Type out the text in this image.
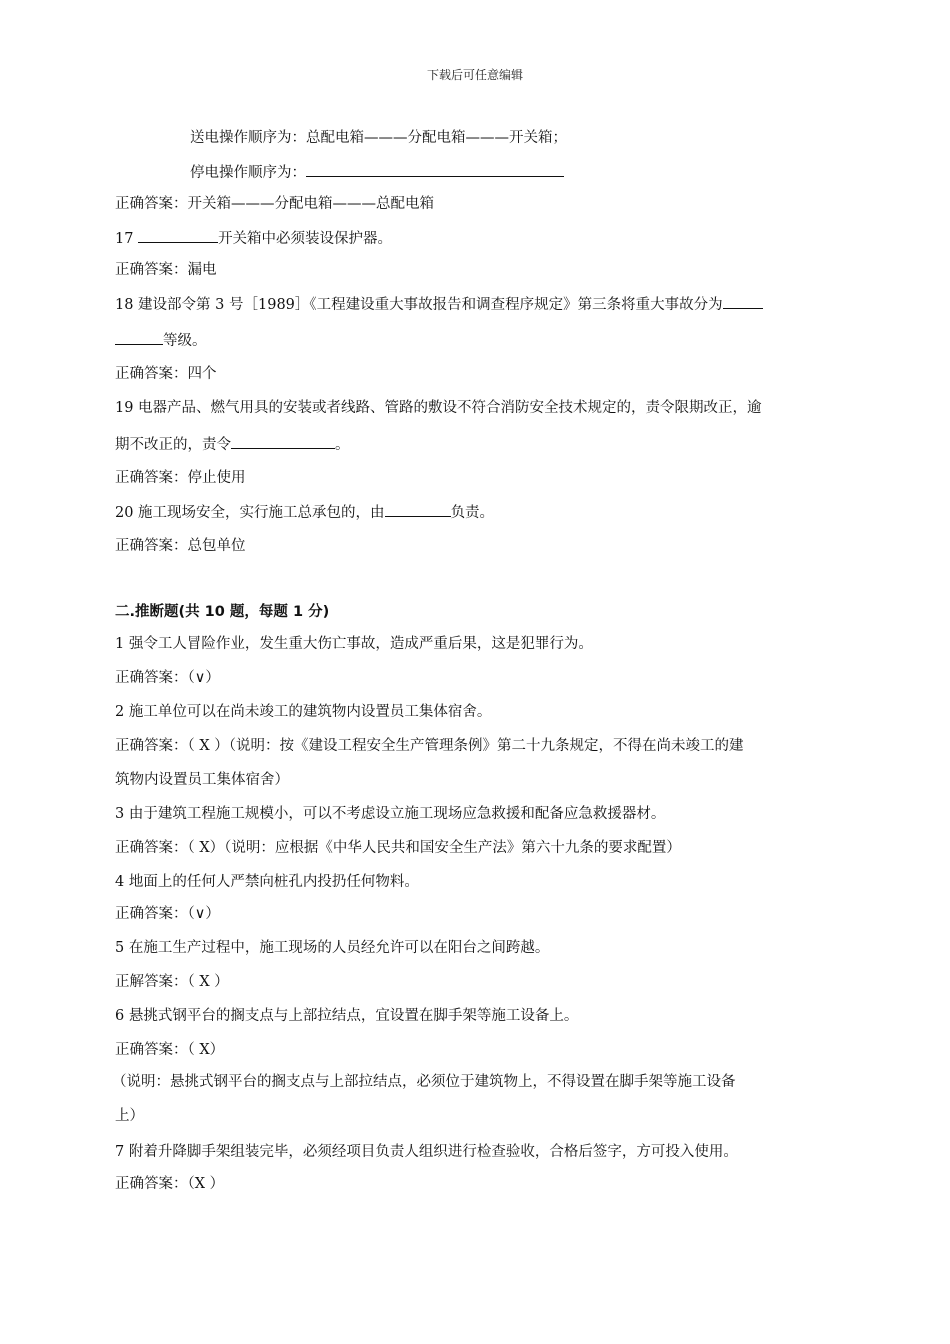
下载后可任意编辑
送电操作顺序为：总配电箱———分配电箱———开关箱；
停电操作顺序为：
正确答案：开关箱———分配电箱———总配电箱
17	开关箱中必须装设保护器。
正确答案：漏电
18 建设部令第 3 号［1989］《工程建设重大事故报告和调查程序规定》第三条将重大事故分为
等级。
正确答案：四个
19 电器产品、燃气用具的安装或者线路、管路的敷设不符合消防安全技术规定的，责令限期改正，逾
期不改正的，责令	。
正确答案：停止使用
20 施工现场安全，实行施工总承包的，由	负责。
正确答案：总包单位
二.推断题(共 10 题，每题 1 分)
1 强令工人冒险作业，发生重大伤亡事故，造成严重后果，这是犯罪行为。
正确答案：（∨）
2 施工单位可以在尚未竣工的建筑物内设置员工集体宿舍。
正确答案：（ X ）（说明：按《建设工程安全生产管理条例》第二十九条规定，不得在尚未竣工的建
筑物内设置员工集体宿舍）
3 由于建筑工程施工规模小，可以不考虑设立施工现场应急救援和配备应急救援器材。
正确答案：（ X）（说明：应根据《中华人民共和国安全生产法》第六十九条的要求配置）
4 地面上的任何人严禁向桩孔内投扔任何物料。
正确答案：（∨）
5 在施工生产过程中，施工现场的人员经允许可以在阳台之间跨越。
正解答案：（ X ）
6 悬挑式钢平台的搁支点与上部拉结点，宜设置在脚手架等施工设备上。
正确答案：（ X）
（说明：悬挑式钢平台的搁支点与上部拉结点，必须位于建筑物上，不得设置在脚手架等施工设备
上）
7 附着升降脚手架组装完毕，必须经项目负责人组织进行检查验收，合格后签字，方可投入使用。
正确答案：（X ）
